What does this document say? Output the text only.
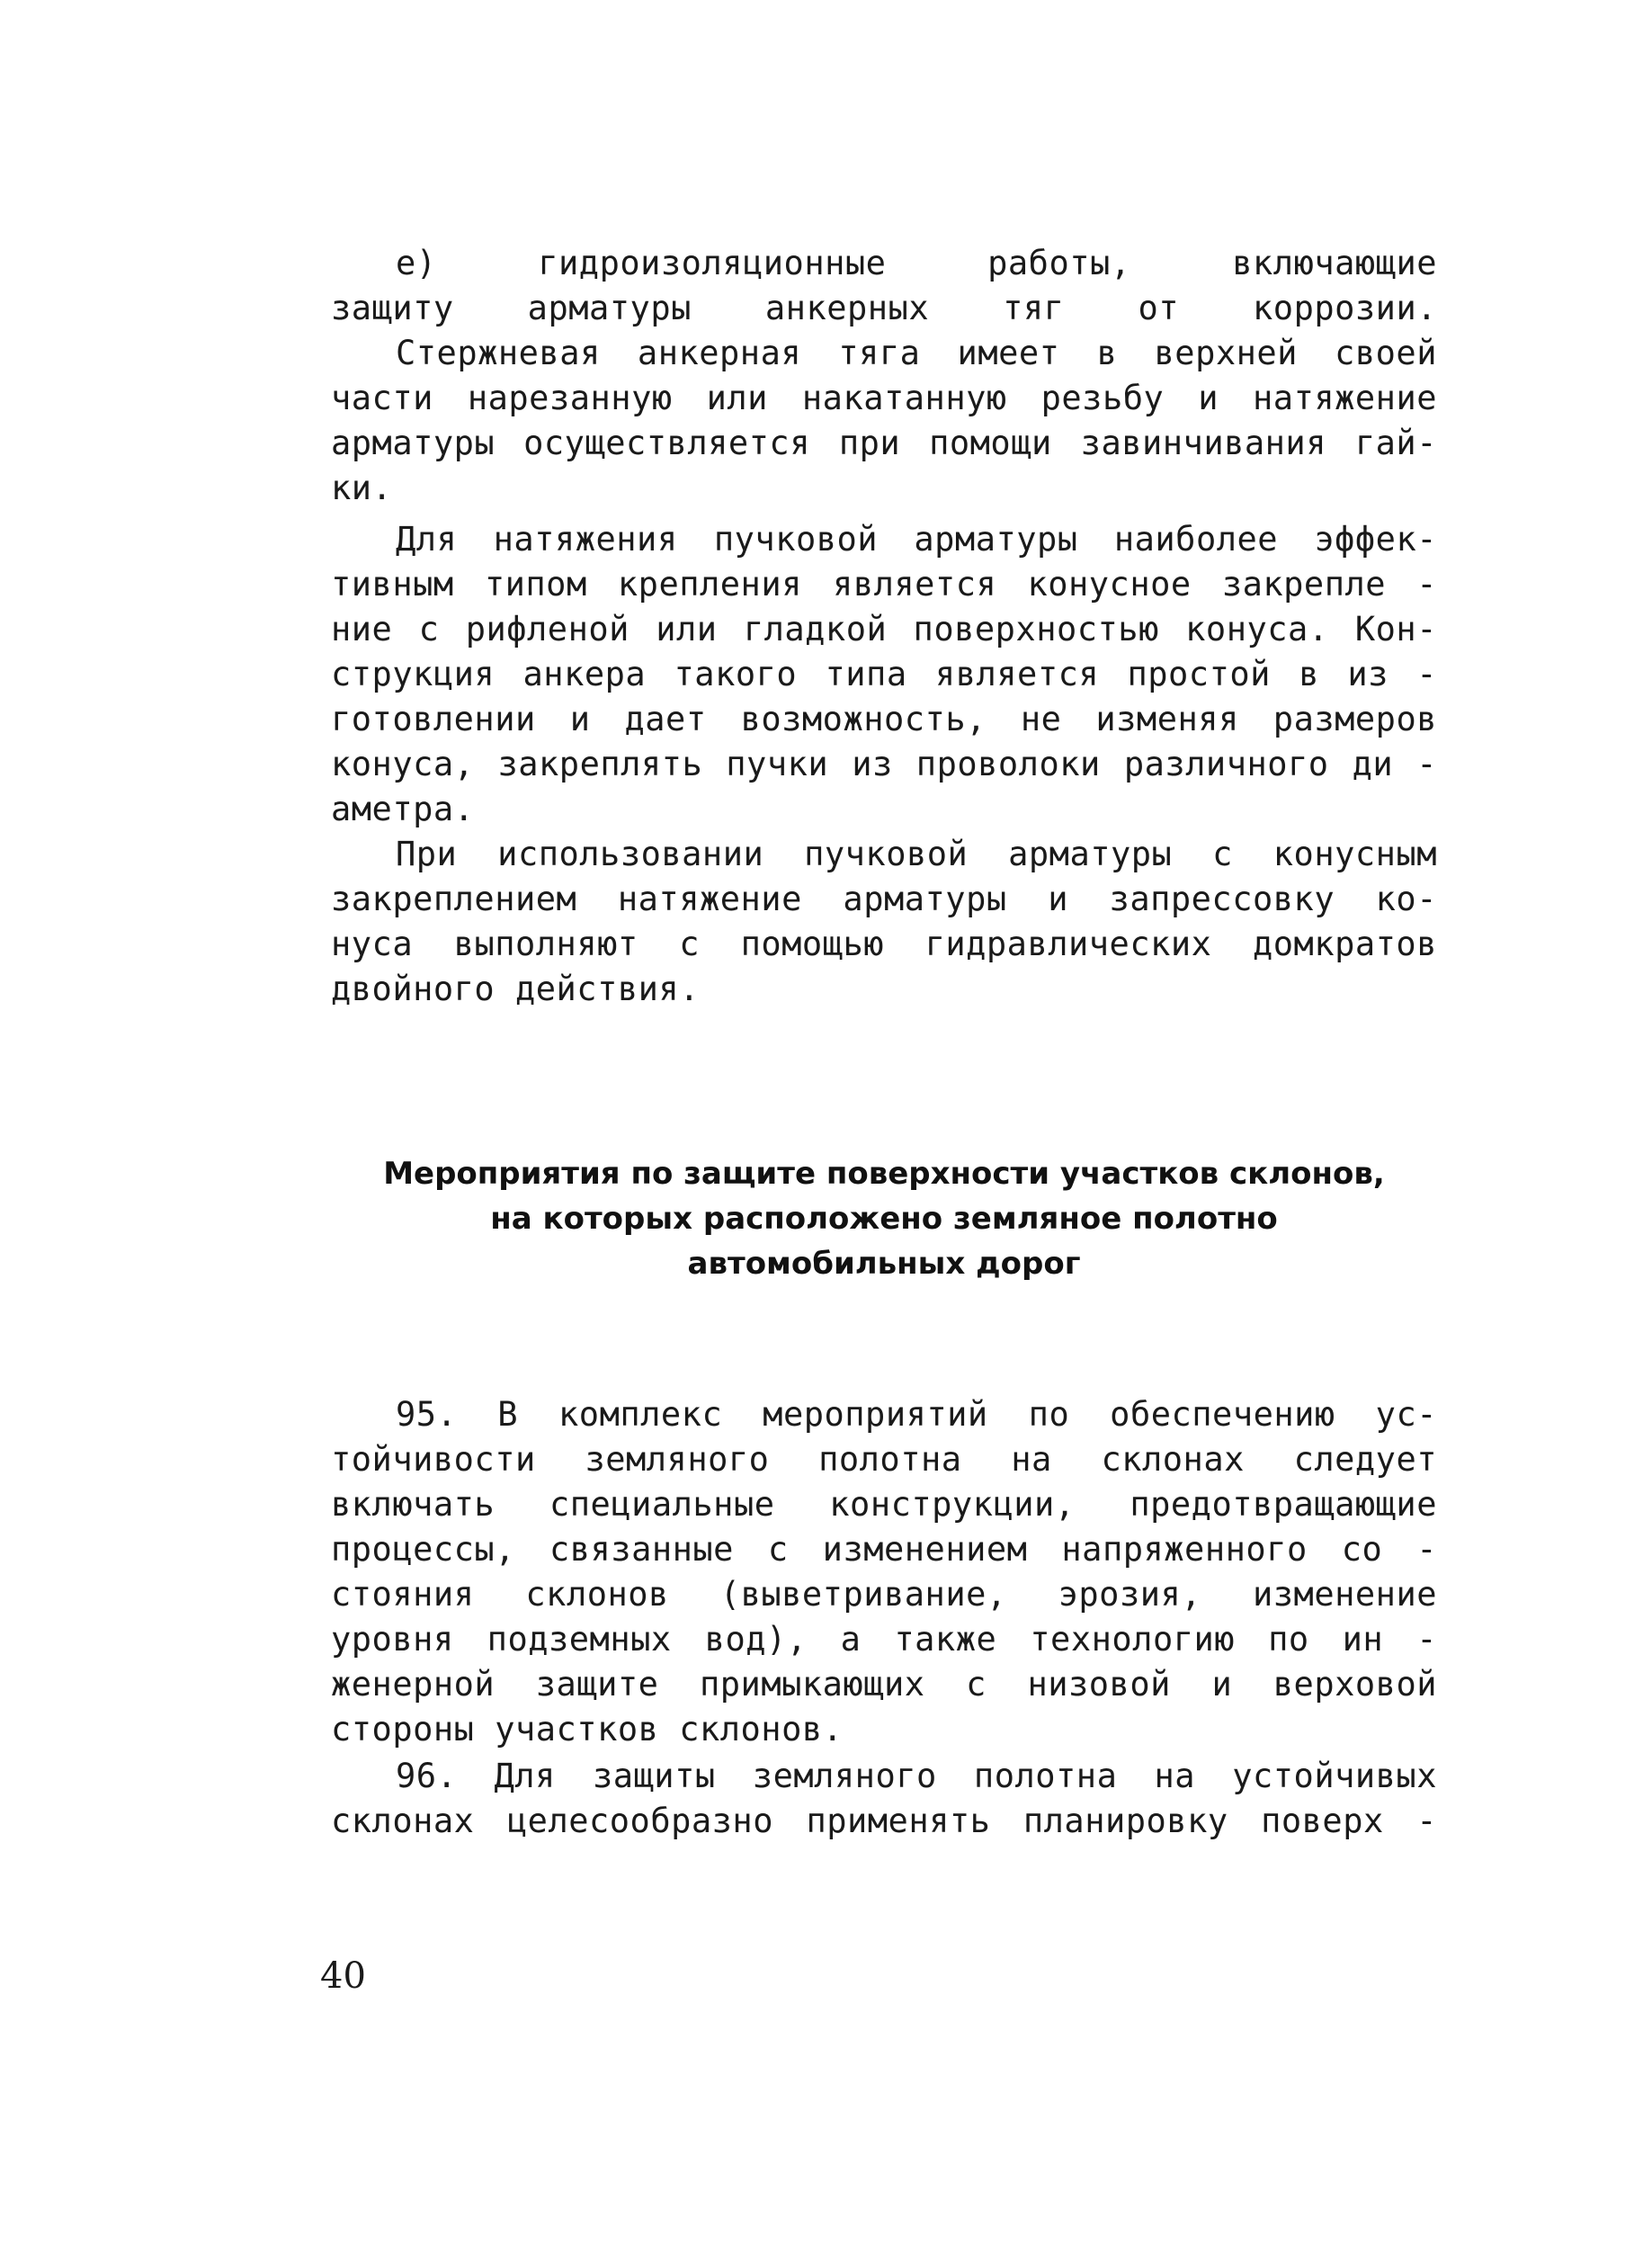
е) гидроизоляционные работы, включающие
защиту арматуры анкерных тяг от коррозии.
Стержневая анкерная тяга имеет в верхней своей
части нарезанную или накатанную резьбу и натяжение
арматуры осуществляется при помощи завинчивания гай-
ки.
Для натяжения пучковой арматуры наиболее эффек-
тивным типом крепления является конусное закрепле -
ние с рифленой или гладкой поверхностью конуса. Кон-
струкция анкера такого типа является простой в из -
готовлении и дает возможность, не изменяя размеров
конуса, закреплять пучки из проволоки различного ди -
аметра.
При использовании пучковой арматуры с конусным
закреплением натяжение арматуры и запрессовку ко-
нуса выполняют с помощью гидравлических домкратов
двойного действия.
Мероприятия по защите поверхности участков склонов,
на которых расположено земляное полотно
автомобильных дорог
95. В комплекс мероприятий по обеспечению ус-
тойчивости земляного полотна на склонах следует
включать специальные конструкции, предотвращающие
процессы, связанные с изменением напряженного со -
стояния склонов (выветривание, эрозия, изменение
уровня подземных вод), а также технологию по ин -
женерной защите примыкающих с низовой и верховой
стороны участков склонов.
96. Для защиты земляного полотна на устойчивых
склонах целесообразно применять планировку поверх -
40
